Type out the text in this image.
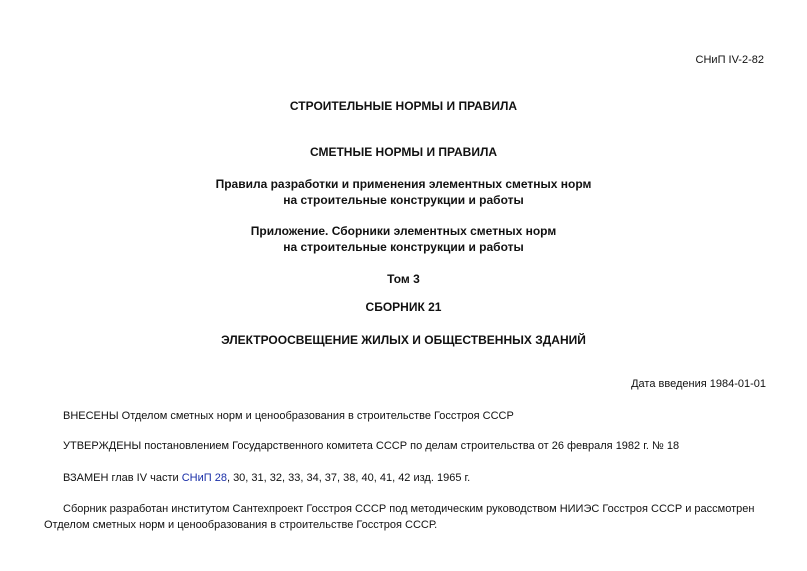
СНиП IV-2-82
СТРОИТЕЛЬНЫЕ НОРМЫ И ПРАВИЛА
СМЕТНЫЕ НОРМЫ И ПРАВИЛА
Правила разработки и применения элементных сметных норм
на строительные конструкции и работы
Приложение. Сборники элементных сметных норм
на строительные конструкции и работы
Том 3
СБОРНИК 21
ЭЛЕКТРООСВЕЩЕНИЕ ЖИЛЫХ И ОБЩЕСТВЕННЫХ ЗДАНИЙ
Дата введения 1984-01-01
ВНЕСЕНЫ Отделом сметных норм и ценообразования в строительстве Госстроя СССР
УТВЕРЖДЕНЫ постановлением Государственного комитета СССР по делам строительства от 26 февраля 1982 г. № 18
ВЗАМЕН глав IV части СНиП 28, 30, 31, 32, 33, 34, 37, 38, 40, 41, 42 изд. 1965 г.
Сборник разработан институтом Сантехпроект Госстроя СССР под методическим руководством НИИЭС Госстроя СССР и рассмотрен
Отделом сметных норм и ценообразования в строительстве Госстроя СССР.
